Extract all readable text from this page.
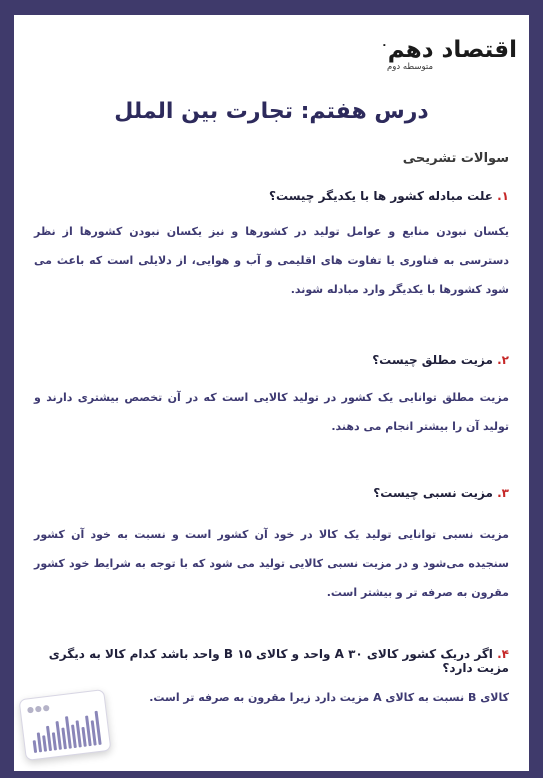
اقتصاد دهم$^۰$
متوسطه دوم
درس هفتم: تجارت بین الملل
سوالات تشریحی
۱. علت مبادله کشور ها با یکدیگر چیست؟
یکسان نبودن منابع و عوامل تولید در کشورها و نیز یکسان نبودن کشورها از نظر دسترسی به فناوری یا تفاوت های اقلیمی و آب و هوایی، از دلایلی است که باعث می شود کشورها با یکدیگر وارد مبادله شوند.
۲. مزیت مطلق چیست؟
مزیت مطلق توانایی یک کشور در تولید کالایی است که در آن تخصص بیشتری دارند و تولید آن را بیشتر انجام می دهند.
۳. مزیت نسبی چیست؟
مزیت نسبی توانایی تولید یک کالا در خود آن کشور است و نسبت به خود آن کشور سنجیده می‌شود و در مزیت نسبی کالایی تولید می شود که با توجه به شرایط خود کشور مقرون به صرفه تر و بیشتر است.
۴. اگر دریک کشور کالای A ۳۰ واحد و کالای B ۱۵ واحد باشد کدام کالا به دیگری مزیت دارد؟
کالای B نسبت به کالای A مزیت دارد زیرا مقرون به صرفه تر است.
●●●
